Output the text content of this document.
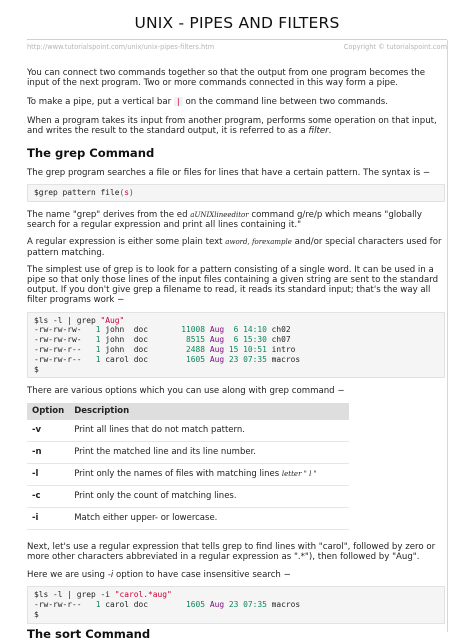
UNIX - PIPES AND FILTERS
http://www.tutorialspoint.com/unix/unix-pipes-filters.htm	Copyright © tutorialspoint.com

You can connect two commands together so that the output from one program becomes the input of the next program. Two or more commands connected in this way form a pipe.

To make a pipe, put a vertical bar | on the command line between two commands.

When a program takes its input from another program, performs some operation on that input, and writes the result to the standard output, it is referred to as a filter.

The grep Command

The grep program searches a file or files for lines that have a certain pattern. The syntax is −

$grep pattern file(s)

The name "grep" derives from the ed aUNIXlineeditor command g/re/p which means "globally search for a regular expression and print all lines containing it."

A regular expression is either some plain text aword, forexample and/or special characters used for pattern matching.

The simplest use of grep is to look for a pattern consisting of a single word. It can be used in a pipe so that only those lines of the input files containing a given string are sent to the standard output. If you don't give grep a filename to read, it reads its standard input; that's the way all filter programs work −

$ls -l | grep "Aug"
-rw-rw-rw-   1 john  doc       11008 Aug  6 14:10 ch02
-rw-rw-rw-   1 john  doc        8515 Aug  6 15:30 ch07
-rw-rw-r--   1 john  doc        2488 Aug 15 10:51 intro
-rw-rw-r--   1 carol doc        1605 Aug 23 07:35 macros
$

There are various options which you can use along with grep command −

Option	Description
-v	Print all lines that do not match pattern.
-n	Print the matched line and its line number.
-l	Print only the names of files with matching lines letter " l "
-c	Print only the count of matching lines.
-i	Match either upper- or lowercase.

Next, let's use a regular expression that tells grep to find lines with "carol", followed by zero or more other characters abbreviated in a regular expression as ".*"), then followed by "Aug".

Here we are using -i option to have case insensitive search −

$ls -l | grep -i "carol.*aug"
-rw-rw-r--   1 carol doc        1605 Aug 23 07:35 macros
$
The sort Command
